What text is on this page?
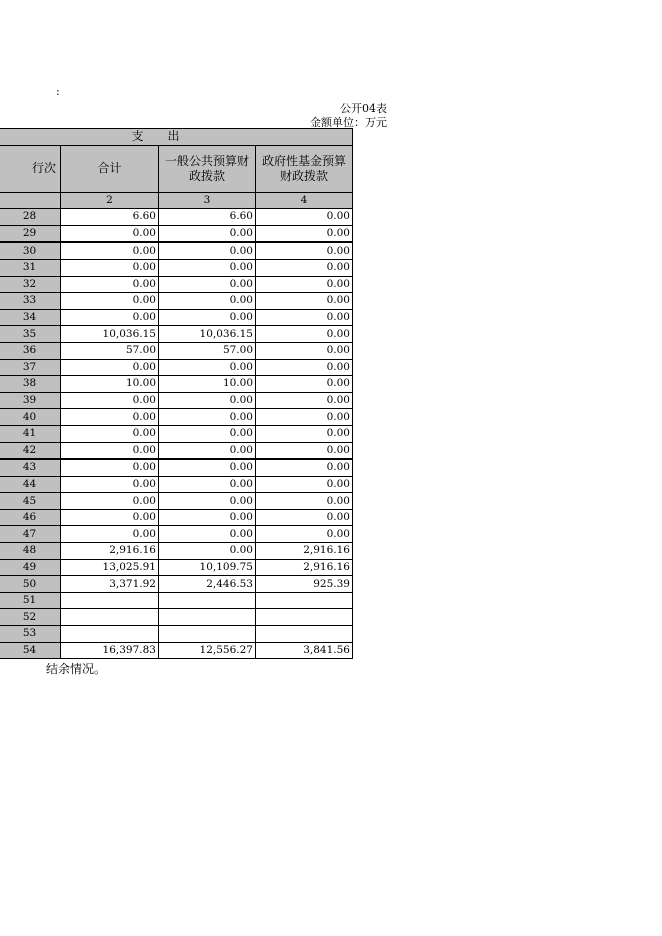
:
公开04表
金额单位：万元
支　　出			
行次	合计	一般公共预算财政拨款	政府性基金预算财政拨款
	2	3	4
28	6.60	6.60	0.00
29	0.00	0.00	0.00
30	0.00	0.00	0.00
31	0.00	0.00	0.00
32	0.00	0.00	0.00
33	0.00	0.00	0.00
34	0.00	0.00	0.00
35	10,036.15	10,036.15	0.00
36	57.00	57.00	0.00
37	0.00	0.00	0.00
38	10.00	10.00	0.00
39	0.00	0.00	0.00
40	0.00	0.00	0.00
41	0.00	0.00	0.00
42	0.00	0.00	0.00
43	0.00	0.00	0.00
44	0.00	0.00	0.00
45	0.00	0.00	0.00
46	0.00	0.00	0.00
47	0.00	0.00	0.00
48	2,916.16	0.00	2,916.16
49	13,025.91	10,109.75	2,916.16
50	3,371.92	2,446.53	925.39
51			
52			
53			
54	16,397.83	12,556.27	3,841.56
结余情况。
